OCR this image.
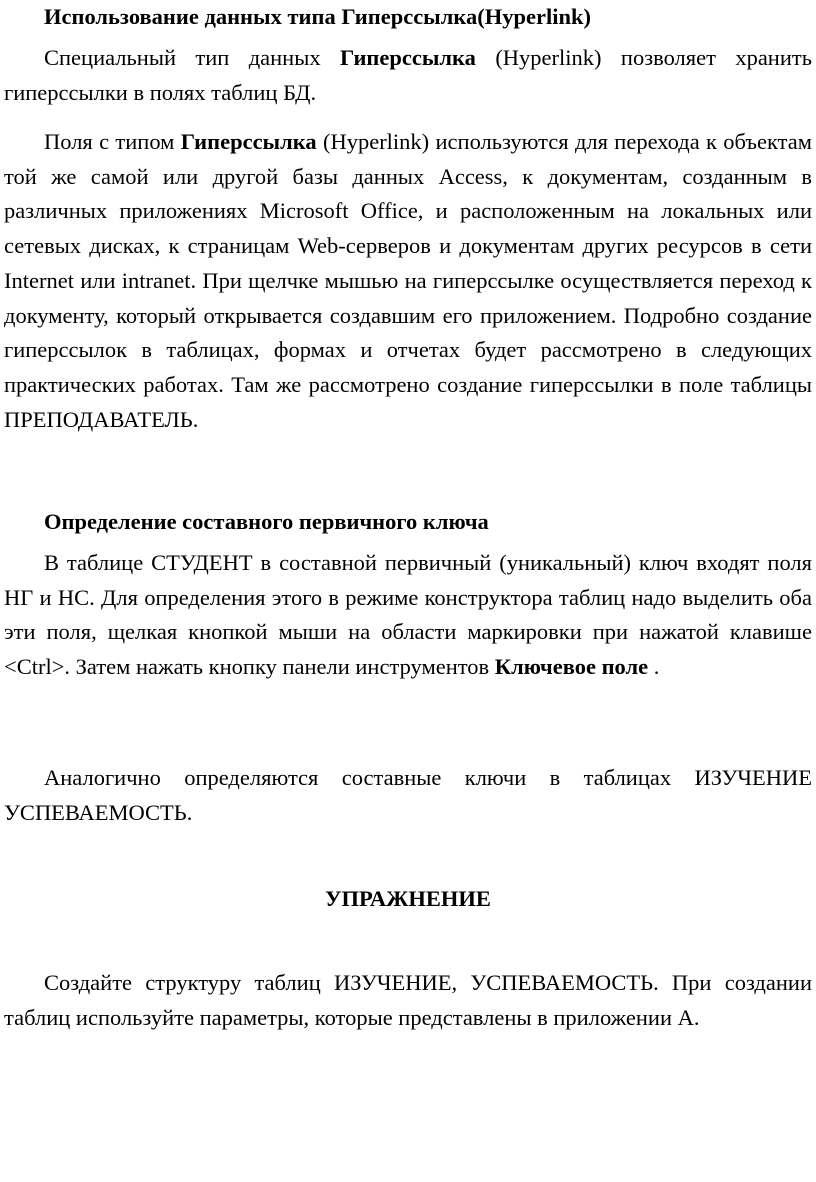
Использование данных типа Гиперссылка(Hyperlink)

Специальный тип данных Гиперссылка (Hyperlink) позволяет хранить гиперссылки в полях таблиц БД.

Поля с типом Гиперссылка (Hyperlink) используются для перехода к объектам той же самой или другой базы данных Access, к документам, созданным в различных приложениях Microsoft Office, и расположенным на локальных или сетевых дисках, к страницам Web-серверов и документам других ресурсов в сети Internet или intranet. При щелчке мышью на гиперссылке осуществляется переход к документу, который открывается создавшим его приложением. Подробно создание гиперссылок в таблицах, формах и отчетах будет рассмотрено в следующих практических работах. Там же рассмотрено создание гиперссылки в поле таблицы ПРЕПОДАВАТЕЛЬ.

Определение составного первичного ключа

В таблице СТУДЕНТ в составной первичный (уникальный) ключ входят поля НГ и НС. Для определения этого в режиме конструктора таблиц надо выделить оба эти поля, щелкая кнопкой мыши на области маркировки при нажатой клавише <Ctrl>. Затем нажать кнопку панели инструментов Ключевое поле .

Аналогично определяются составные ключи в таблицах ИЗУЧЕНИЕ УСПЕВАЕМОСТЬ.

УПРАЖНЕНИЕ

Создайте структуру таблиц ИЗУЧЕНИЕ, УСПЕВАЕМОСТЬ. При создании таблиц используйте параметры, которые представлены в приложении А.
